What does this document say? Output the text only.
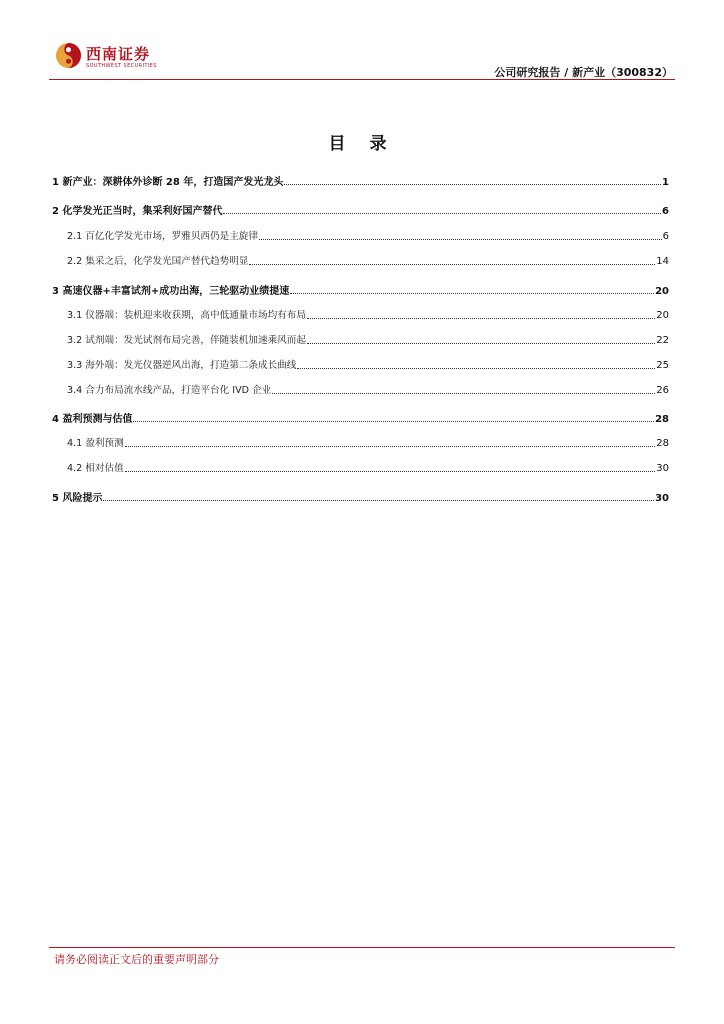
西南证券
SOUTHWEST SECURITIES	公司研究报告 / 新产业（300832）
目 录
1 新产业：深耕体外诊断 28 年，打造国产发光龙头	1
2 化学发光正当时，集采利好国产替代	6
2.1 百亿化学发光市场，罗雅贝西仍是主旋律	6
2.2 集采之后，化学发光国产替代趋势明显	14
3 高速仪器+丰富试剂+成功出海，三轮驱动业绩提速	20
3.1 仪器端：装机迎来收获期，高中低通量市场均有布局	20
3.2 试剂端：发光试剂布局完善，伴随装机加速乘风而起	22
3.3 海外端：发光仪器逆风出海，打造第二条成长曲线	25
3.4 合力布局流水线产品，打造平台化 IVD 企业	26
4 盈利预测与估值	28
4.1 盈利预测	28
4.2 相对估值	30
5 风险提示	30
请务必阅读正文后的重要声明部分
